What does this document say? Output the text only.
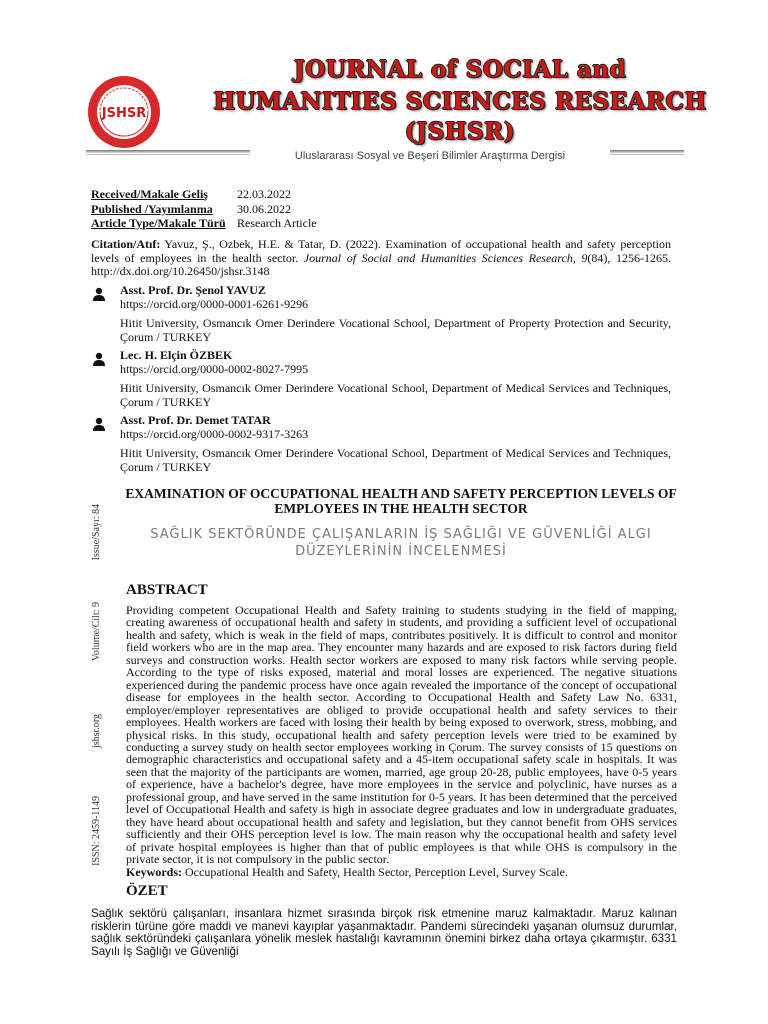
JSHSR
JOURNAL of SOCIAL and
HUMANITIES SCIENCES RESEARCH
(JSHSR)
Uluslararası Sosyal ve Beşeri Bilimler Araştırma Dergisi
Received/Makale Geliş	22.03.2022
Published /Yayımlanma	30.06.2022
Article Type/Makale Türü Research Article
Citation/Atıf: Yavuz, Ş., Ozbek, H.E. & Tatar, D. (2022). Examination of occupational health and safety perception levels of employees in the health sector. Journal of Social and Humanities Sciences Research, 9(84), 1256-1265. http://dx.doi.org/10.26450/jshsr.3148
Asst. Prof. Dr. Şenol YAVUZ
https://orcid.org/0000-0001-6261-9296
Hitit University, Osmancık Omer Derindere Vocational School, Department of Property Protection and Security, Çorum / TURKEY
Lec. H. Elçin ÖZBEK
https://orcid.org/0000-0002-8027-7995
Hitit University, Osmancık Omer Derindere Vocational School, Department of Medical Services and Techniques, Çorum / TURKEY
Asst. Prof. Dr. Demet TATAR
https://orcid.org/0000-0002-9317-3263
Hitit University, Osmancık Omer Derindere Vocational School, Department of Medical Services and Techniques, Çorum / TURKEY
Issue/Sayı: 84
Volume/Cilt: 9
jshsr.org
ISSN: 2459-1149
EXAMINATION OF OCCUPATIONAL HEALTH AND SAFETY PERCEPTION LEVELS OF EMPLOYEES IN THE HEALTH SECTOR
SAĞLIK SEKTÖRÜNDE ÇALIŞANLARIN İŞ SAĞLIĞI VE GÜVENLİĞİ ALGI
DÜZEYLERİNİN İNCELENMESİ
ABSTRACT
Providing competent Occupational Health and Safety training to students studying in the field of mapping, creating awareness of occupational health and safety in students, and providing a sufficient level of occupational health and safety, which is weak in the field of maps, contributes positively. It is difficult to control and monitor field workers who are in the map area. They encounter many hazards and are exposed to risk factors during field surveys and construction works. Health sector workers are exposed to many risk factors while serving people. According to the type of risks exposed, material and moral losses are experienced. The negative situations experienced during the pandemic process have once again revealed the importance of the concept of occupational disease for employees in the health sector. According to Occupational Health and Safety Law No. 6331, employer/employer representatives are obliged to provide occupational health and safety services to their employees. Health workers are faced with losing their health by being exposed to overwork, stress, mobbing, and physical risks. In this study, occupational health and safety perception levels were tried to be examined by conducting a survey study on health sector employees working in Çorum. The survey consists of 15 questions on demographic characteristics and occupational safety and a 45-item occupational safety scale in hospitals. It was seen that the majority of the participants are women, married, age group 20-28, public employees, have 0-5 years of experience, have a bachelor's degree, have more employees in the service and polyclinic, have nurses as a professional group, and have served in the same institution for 0-5 years. It has been determined that the perceived level of Occupational Health and safety is high in associate degree graduates and low in undergraduate graduates, they have heard about occupational health and safety and legislation, but they cannot benefit from OHS services sufficiently and their OHS perception level is low. The main reason why the occupational health and safety level of private hospital employees is higher than that of public employees is that while OHS is compulsory in the private sector, it is not compulsory in the public sector.
Keywords: Occupational Health and Safety, Health Sector, Perception Level, Survey Scale.
ÖZET
Sağlık sektörü çalışanları, insanlara hizmet sırasında birçok risk etmenine maruz kalmaktadır. Maruz kalınan risklerin türüne göre maddi ve manevi kayıplar yaşanmaktadır. Pandemi sürecindeki yaşanan olumsuz durumlar, sağlık sektöründeki çalışanlara yönelik meslek hastalığı kavramının önemini birkez daha ortaya çıkarmıştır. 6331 Sayılı İş Sağlığı ve Güvenliği
